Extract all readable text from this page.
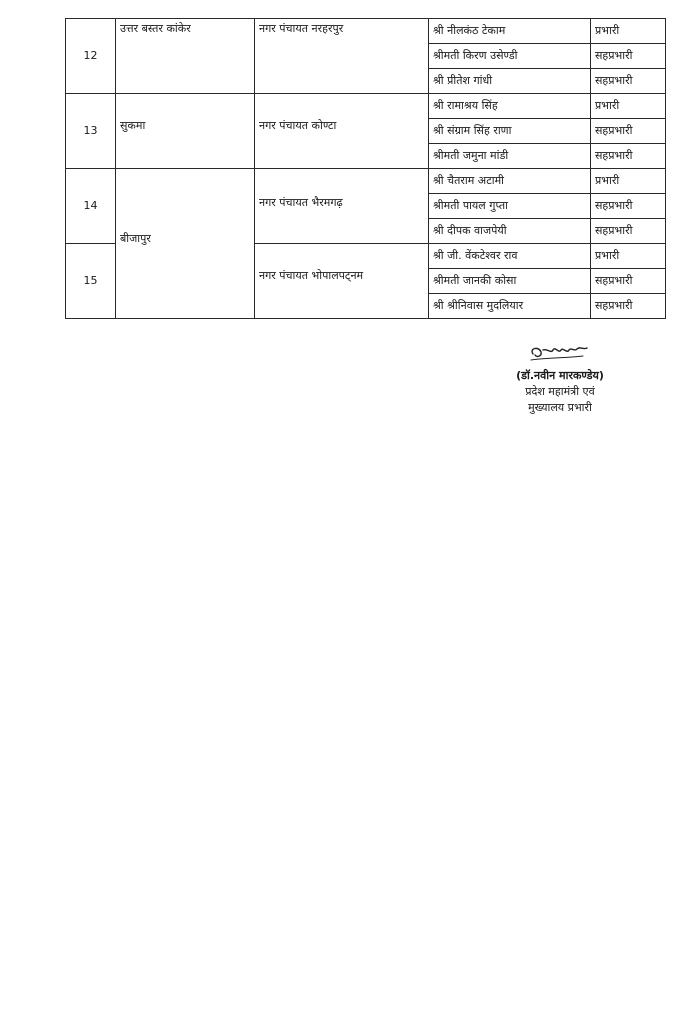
12	उत्तर बस्तर कांकेर	नगर पंचायत नरहरपुर	श्री नीलकंठ टेकाम	प्रभारी
			श्रीमती किरण उसेण्डी	सहप्रभारी
			श्री प्रीतेश गांधी	सहप्रभारी
13	सुकमा	नगर पंचायत कोण्टा	श्री रामाश्रय सिंह	प्रभारी
			श्री संग्राम सिंह राणा	सहप्रभारी
			श्रीमती जमुना मांडी	सहप्रभारी
14	बीजापुर	नगर पंचायत भैरमगढ़	श्री चैतराम अटामी	प्रभारी
			श्रीमती पायल गुप्ता	सहप्रभारी
			श्री दीपक वाजपेयी	सहप्रभारी
15		नगर पंचायत भोपालपट्नम	श्री जी. वेंकटेश्वर राव	प्रभारी
			श्रीमती जानकी कोसा	सहप्रभारी
			श्री श्रीनिवास मुदलियार	सहप्रभारी
(डॉ.नवीन मारकण्डेय)
प्रदेश महामंत्री एवं
मुख्यालय प्रभारी
